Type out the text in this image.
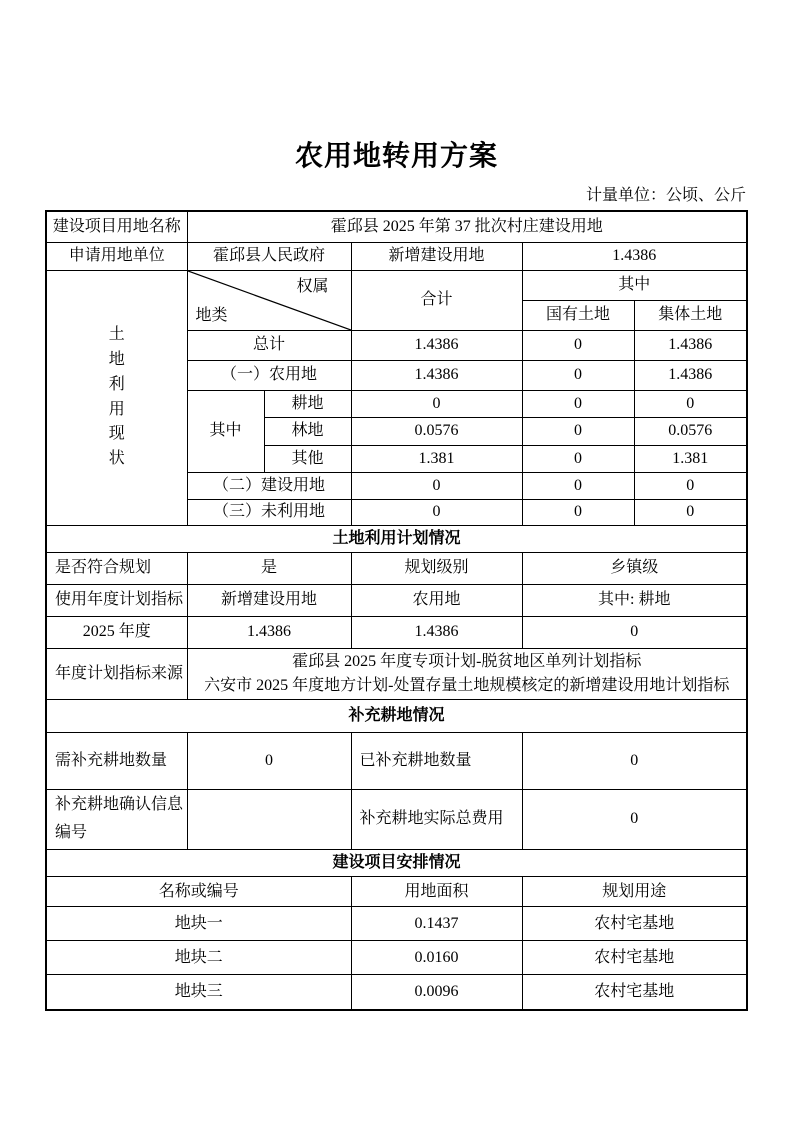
农用地转用方案
计量单位：公顷、公斤
建设项目用地名称	霍邱县 2025 年第 37 批次村庄建设用地				
申请用地单位	霍邱县人民政府		新增建设用地	1.4386	

土地利用现状	权属
地类		合计	其中	
				国有土地	集体土地
	总计		1.4386	0	1.4386
	（一）农用地		1.4386	0	1.4386
	其中	耕地	0	0	0
		林地	0.0576	0	0.0576
		其他	1.381	0	1.381
	（二）建设用地		0	0	0
	（三）未利用地		0	0	0
土地利用计划情况					
是否符合规划	是		规划级别	乡镇级	
使用年度计划指标	新增建设用地		农用地	其中: 耕地	
2025 年度	1.4386		1.4386	0	
年度计划指标来源	霍邱县 2025 年度专项计划-脱贫地区单列计划指标
六安市 2025 年度地方计划-处置存量土地规模核定的新增建设用地计划指标				

补充耕地情况					
需补充耕地数量	0		已补充耕地数量	0	
补充耕地确认信息编号			补充耕地实际总费用	0	
建设项目安排情况					
名称或编号			用地面积	规划用途	
地块一			0.1437	农村宅基地	
地块二			0.0160	农村宅基地	
地块三			0.0096	农村宅基地	
